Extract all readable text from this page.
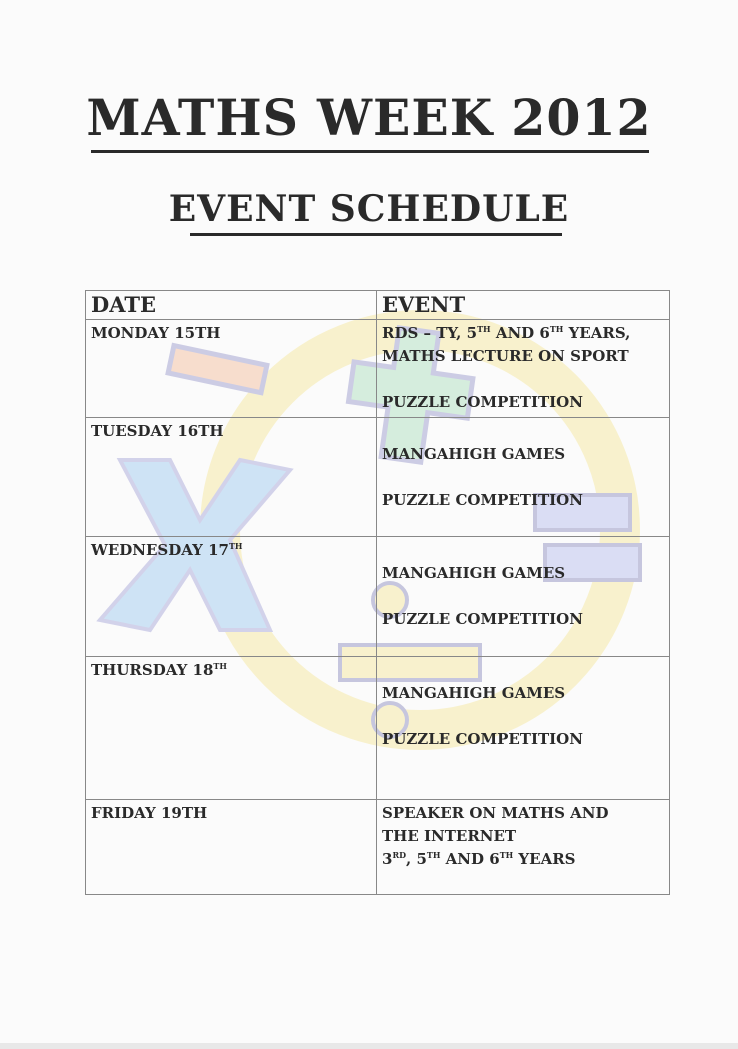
MATHS WEEK 2012
EVENT SCHEDULE
DATE	EVENT
MONDAY 15TH	RDS – TY, 5TH AND 6TH YEARS,
MATHS LECTURE ON SPORT
PUZZLE COMPETITION

TUESDAY 16TH	MANGAHIGH GAMES
PUZZLE COMPETITION

WEDNESDAY 17TH	MANGAHIGH GAMES
PUZZLE COMPETITION

THURSDAY 18TH	MANGAHIGH GAMES
PUZZLE COMPETITION

FRIDAY 19TH	SPEAKER ON MATHS AND
THE INTERNET
3RD, 5TH AND 6TH YEARS
